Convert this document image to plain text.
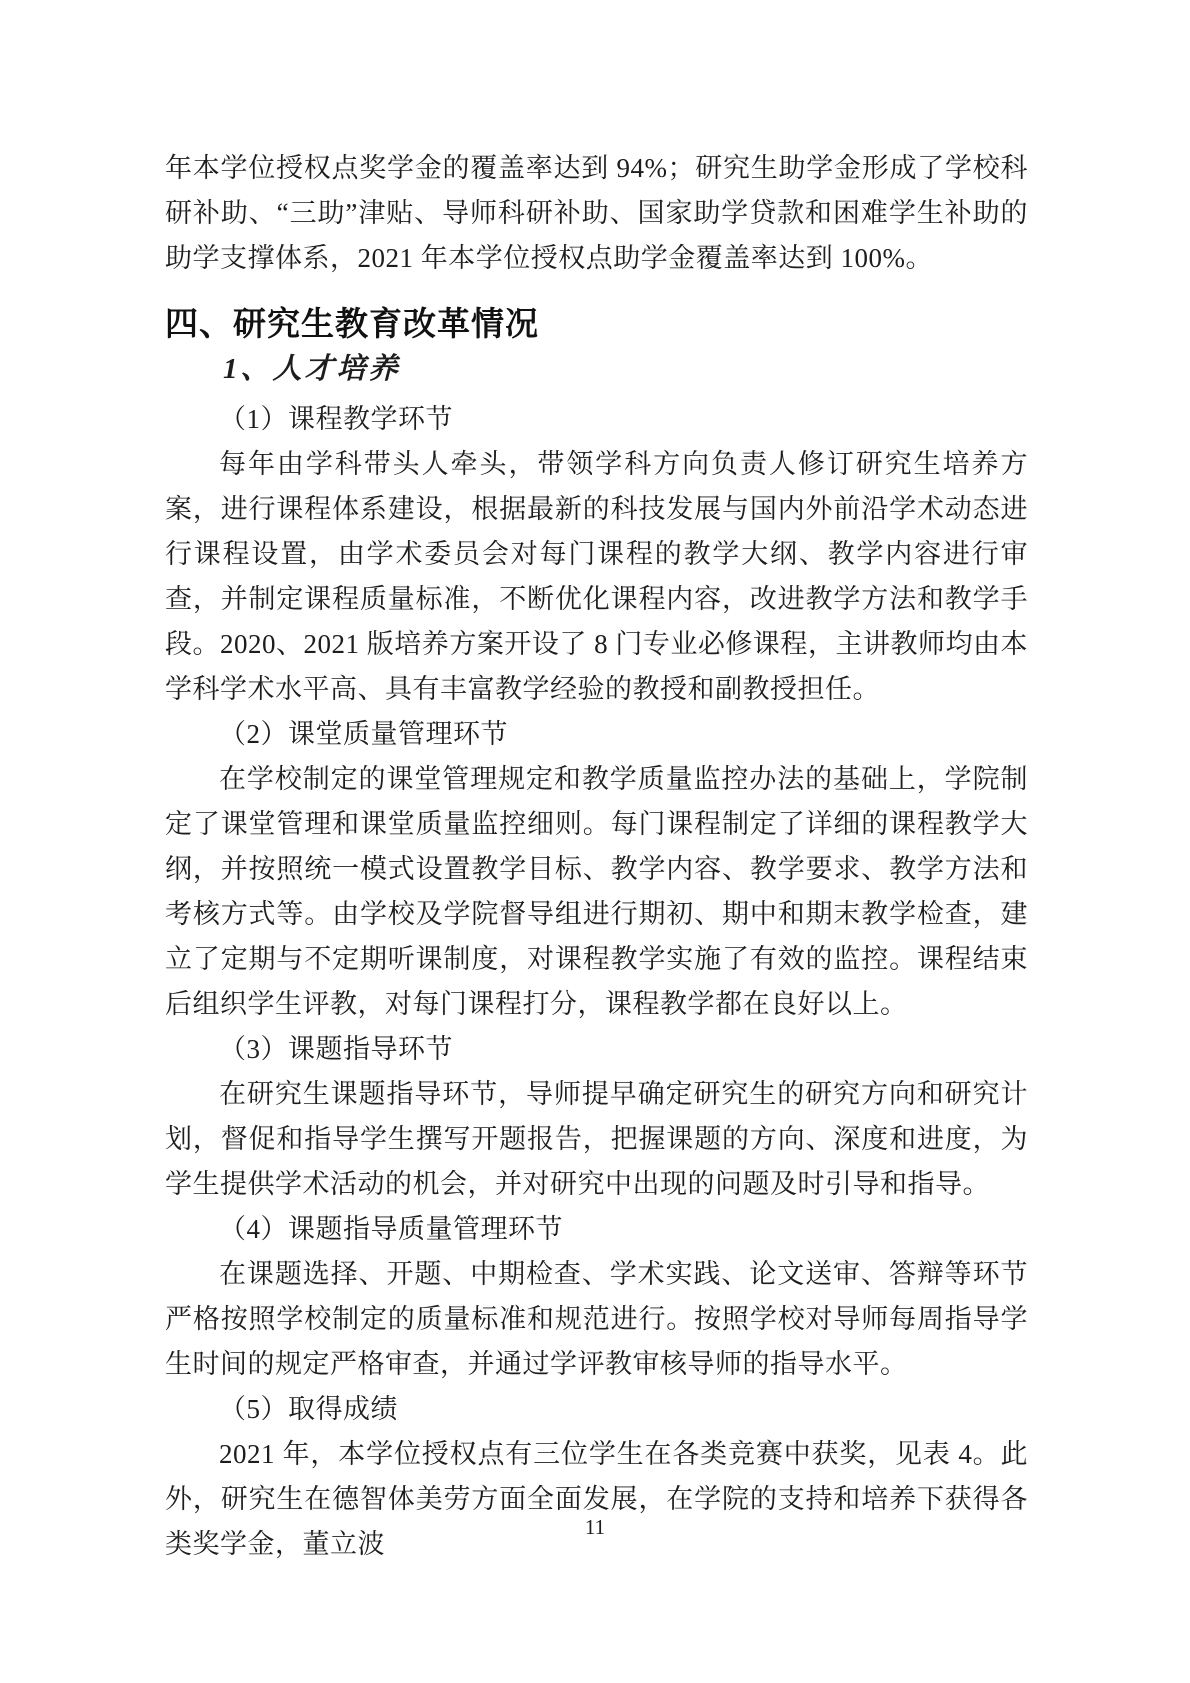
年本学位授权点奖学金的覆盖率达到 94%；研究生助学金形成了学校科研补助、“三助”津贴、导师科研补助、国家助学贷款和困难学生补助的助学支撑体系，2021 年本学位授权点助学金覆盖率达到 100%。

四、研究生教育改革情况
1、人才培养

（1）课程教学环节

每年由学科带头人牵头，带领学科方向负责人修订研究生培养方案，进行课程体系建设，根据最新的科技发展与国内外前沿学术动态进行课程设置，由学术委员会对每门课程的教学大纲、教学内容进行审查，并制定课程质量标准，不断优化课程内容，改进教学方法和教学手段。2020、2021 版培养方案开设了 8 门专业必修课程，主讲教师均由本学科学术水平高、具有丰富教学经验的教授和副教授担任。

（2）课堂质量管理环节

在学校制定的课堂管理规定和教学质量监控办法的基础上，学院制定了课堂管理和课堂质量监控细则。每门课程制定了详细的课程教学大纲，并按照统一模式设置教学目标、教学内容、教学要求、教学方法和考核方式等。由学校及学院督导组进行期初、期中和期末教学检查，建立了定期与不定期听课制度，对课程教学实施了有效的监控。课程结束后组织学生评教，对每门课程打分，课程教学都在良好以上。

（3）课题指导环节

在研究生课题指导环节，导师提早确定研究生的研究方向和研究计划，督促和指导学生撰写开题报告，把握课题的方向、深度和进度，为学生提供学术活动的机会，并对研究中出现的问题及时引导和指导。

（4）课题指导质量管理环节

在课题选择、开题、中期检查、学术实践、论文送审、答辩等环节严格按照学校制定的质量标准和规范进行。按照学校对导师每周指导学生时间的规定严格审查，并通过学评教审核导师的指导水平。

（5）取得成绩

2021 年，本学位授权点有三位学生在各类竞赛中获奖，见表 4。此外，研究生在德智体美劳方面全面发展，在学院的支持和培养下获得各类奖学金，董立波

11
